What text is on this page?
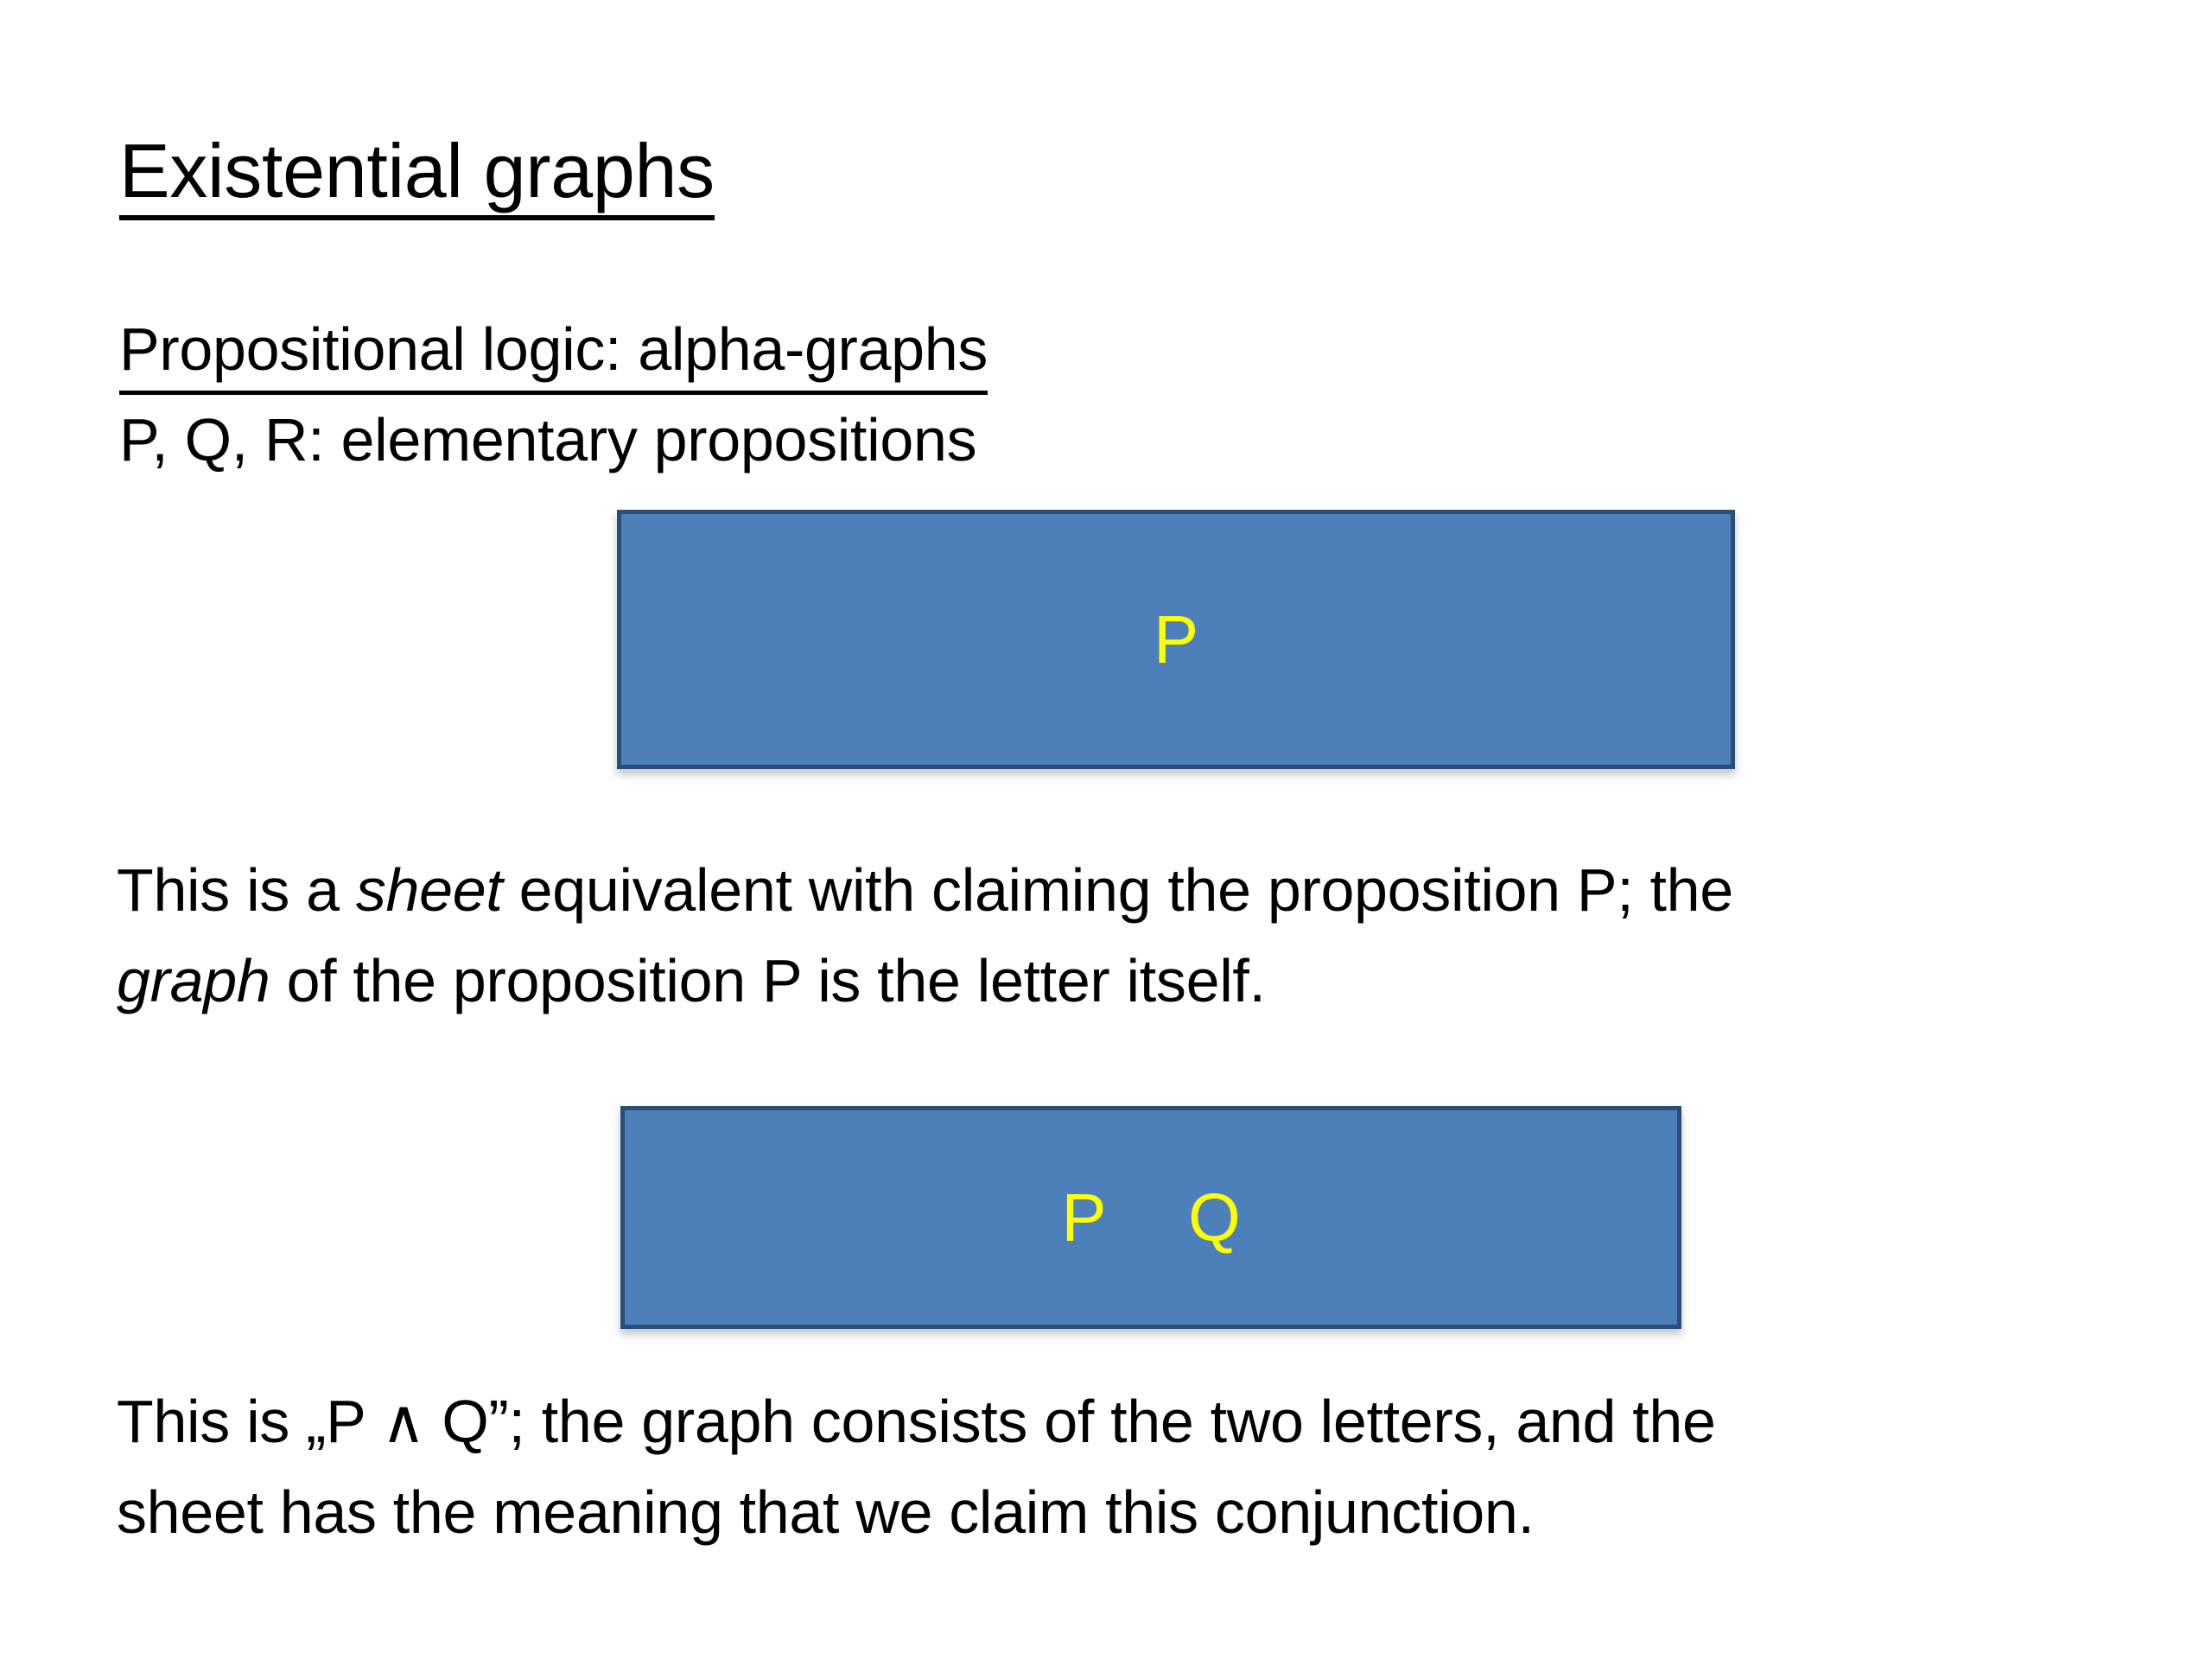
Existential graphs
Propositional logic: alpha-graphs
P, Q, R: elementary propositions
P

This is a sheet equivalent with claiming the proposition P; the
graph of the proposition P is the letter itself.

P Q

This is „P ∧ Q”; the graph consists of the two letters, and the
sheet has the meaning that we claim this conjunction.
